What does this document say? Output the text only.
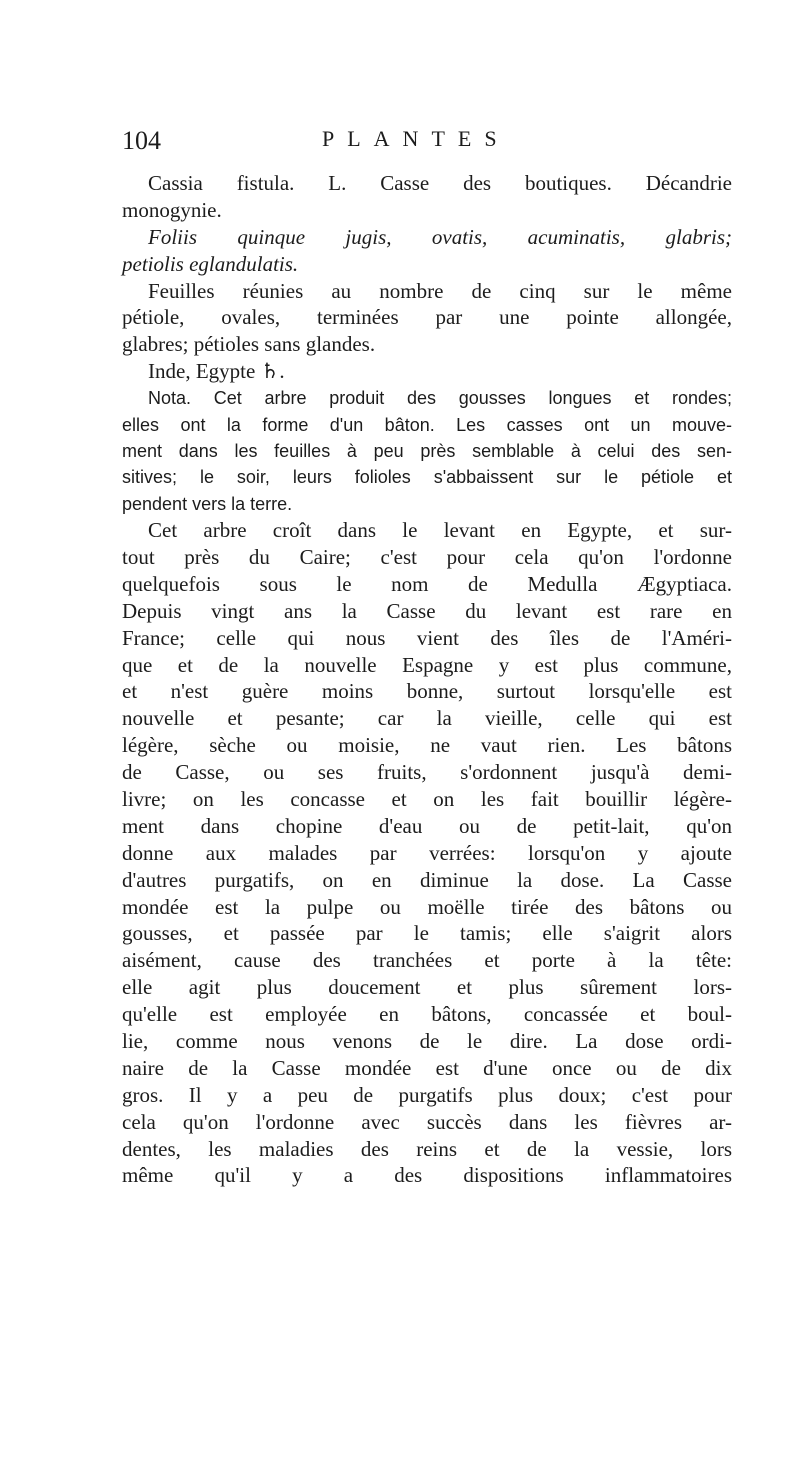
104	PLANTES
Cassia fistula. L. Casse des boutiques. Décandrie
monogynie.
Foliis quinque jugis, ovatis, acuminatis, glabris;
petiolis eglandulatis.
Feuilles réunies au nombre de cinq sur le même
pétiole, ovales, terminées par une pointe allongée,
glabres; pétioles sans glandes.
Inde, Egypte ♄.
Nota. Cet arbre produit des gousses longues et rondes;
elles ont la forme d'un bâton. Les casses ont un mouve-
ment dans les feuilles à peu près semblable à celui des sen-
sitives; le soir, leurs folioles s'abbaissent sur le pétiole et
pendent vers la terre.
Cet arbre croît dans le levant en Egypte, et sur-
tout près du Caire; c'est pour cela qu'on l'ordonne
quelquefois sous le nom de Medulla Ægyptiaca.
Depuis vingt ans la Casse du levant est rare en
France; celle qui nous vient des îles de l'Améri-
que et de la nouvelle Espagne y est plus commune,
et n'est guère moins bonne, surtout lorsqu'elle est
nouvelle et pesante; car la vieille, celle qui est
légère, sèche ou moisie, ne vaut rien. Les bâtons
de Casse, ou ses fruits, s'ordonnent jusqu'à demi-
livre; on les concasse et on les fait bouillir légère-
ment dans chopine d'eau ou de petit-lait, qu'on
donne aux malades par verrées: lorsqu'on y ajoute
d'autres purgatifs, on en diminue la dose. La Casse
mondée est la pulpe ou moëlle tirée des bâtons ou
gousses, et passée par le tamis; elle s'aigrit alors
aisément, cause des tranchées et porte à la tête:
elle agit plus doucement et plus sûrement lors-
qu'elle est employée en bâtons, concassée et boul-
lie, comme nous venons de le dire. La dose ordi-
naire de la Casse mondée est d'une once ou de dix
gros. Il y a peu de purgatifs plus doux; c'est pour
cela qu'on l'ordonne avec succès dans les fièvres ar-
dentes, les maladies des reins et de la vessie, lors
même qu'il y a des dispositions inflammatoires
